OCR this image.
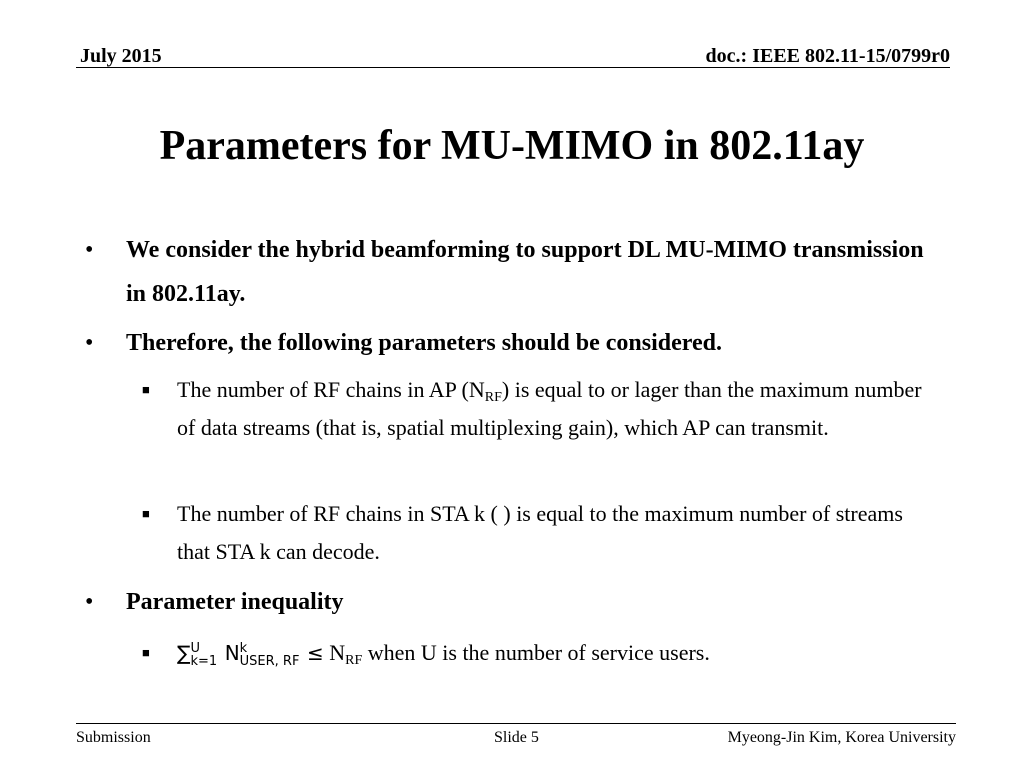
July 2015	doc.: IEEE 802.11-15/0799r0
Parameters for MU-MIMO in 802.11ay
• We consider the hybrid beamforming to support DL MU-MIMO transmission in 802.11ay.
• Therefore, the following parameters should be considered.
■ The number of RF chains in AP $(N_{RF})$ is equal to or lager than the maximum number of data streams (that is, spatial multiplexing gain), which AP can transmit.
■ The number of RF chains in STA k ( ) is equal to the maximum number of streams that STA k can decode.
• Parameter inequality
■ ∑ U
k=1 N k
USER, RF ≤ $N_{RF}$ when U is the number of service users.
Submission	Slide 5	Myeong-Jin Kim, Korea University
